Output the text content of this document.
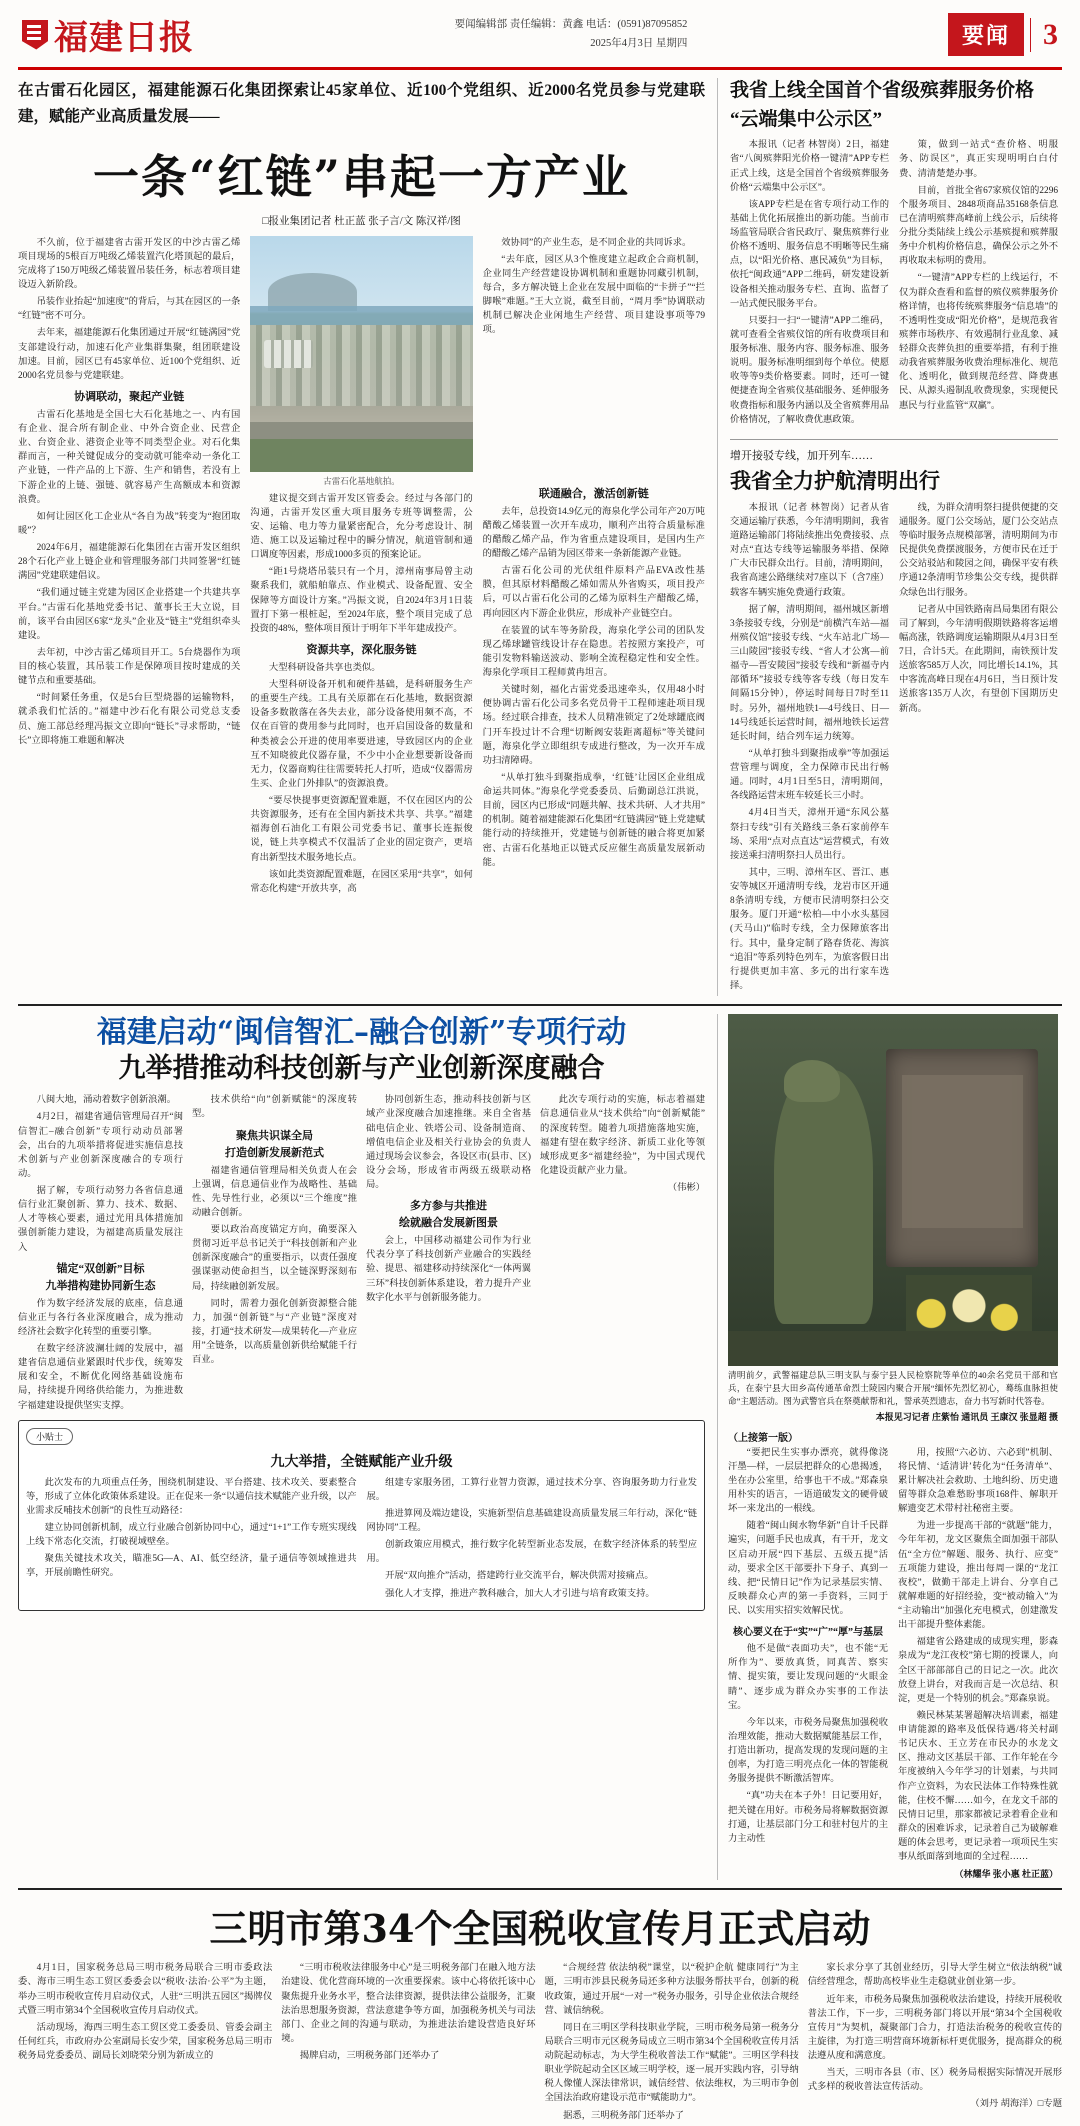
福建日报	要闻编辑部 责任编辑：黄鑫 电话：(0591)87095852
2025年4月3日 星期四	要闻	3
在古雷石化园区，福建能源石化集团探索让45家单位、近100个党组织、近2000名党员参与党建联建，赋能产业高质量发展——
一条“红链”串起一方产业
□报业集团记者 杜正蓝 张子言/文 陈汉祥/图

不久前，位于福建省古雷开发区的中沙古雷乙烯项目现场的5根百万吨级乙烯装置汽化塔顶起的最后，完成将了150万吨级乙烯装置吊装任务，标志着项目建设迈入新阶段。

吊装作业抬起“加速度”的背后，与其在园区的一条“红链”密不可分。

去年来，福建能源石化集团通过开展“红链满园”党支部建设行动，加速石化产业集群集聚，组团联建设加速。目前，园区已有45家单位、近100个党组织、近2000名党员参与党建联建。

协调联动，聚起产业链

古雷石化基地是全国七大石化基地之一、内有国有企业、混合所有制企业、中外合资企业、民营企业、台资企业、港资企业等不同类型企业。对石化集群而言，一种关键促成分的变动就可能牵动一条化工产业链，一件产品的上下游、生产和销售，若没有上下游企业的上链、强链、就容易产生高额成本和资源浪费。

如何让园区化工企业从“各自为战”转变为“抱团取暖”？

2024年6月，福建能源石化集团在古雷开发区组织28个石化产业上链企业和管理服务部门共同签署“红链满园”党建联建倡议。

“我们通过链主党建为园区企业搭建一个共建共享平台。”古雷石化基地党委书记、董事长王大立说，目前，该平台由园区6家“龙头”企业及“链主”党组织牵头建设。

去年初，中沙古雷乙烯项目开工。5台烧器作为项目的核心装置，其吊装工作是保障项目按时建成的关键节点和重要基础。

“时间紧任务重，仅是5台巨型烧器的运输物料，就杀我们忙活的。”福建中沙石化有限公司党总支委员、施工部总经理冯振文立即向“链长”寻求帮助，“链长”立即将施工难题和解决

古雷石化基地航拍。

建议提交到古雷开发区管委会。经过与各部门的沟通，古雷开发区重大项目服务专班等调整需，公安、运输、电力等力量紧密配合，允分考虑设计、制造、施工以及运输过程中的瞬分情况，航道管制和通口调度等因素，形成1000多页的预案论证。

“距1号烧塔吊装只有一个月，漳州南事局曾主动聚系我们，就船舶靠点、作业模式、设备配置、安全保障等方面设计方案。”冯振文说，自2024年3月1日装置打下第一根桩起，至2024年底，整个项目完成了总投资的48%，整体项目预计于明年下半年建成投产。

资源共享，深化服务链

大型科研设备共享也类似。

大型科研设备开机和硬件基础，是科研服务生产的重要生产线。工具有关原都在石化基地，数据资源设备多数散落在各失去业，部分设备使用频不高，不仅在百管的费用参与此同时，也开启国设备的数量和种类被会公开进的使用率要进速，导致园区内的企业互不知晓彼此仪器存量，不少中小企业想要新设备而无力，仪器商购往往需要转托人打听，造成“仪器需房生买、企业门外排队”的资源浪费。

“要尽快提事更资源配置难题，不仅在园区内的公共资源服务，还有在全国内新技术共享、共享。”福建福海创石油化工有限公司党委书记、董事长连振俊说，链上共享模式不仅温活了企业的固定资产，更培育出新型技术服务地长点。

该如此类资源配置难题，在园区采用“共享”，如何常态化构建“开放共享，高

效协同”的产业生态，是不同企业的共同诉求。

“去年底，园区从3个惟度建立起政企合商机制，企业同生产经营建设协调机制和重题协同藏引机制，每合，多方解决链上企业在发展中面临的“卡拼子”“拦脚喉”难题。”王大立说，截至目前，“周月季”协调联动机制已解决企业闲地生产经营、项目建设事项等79项。

联通融合，激活创新链

去年，总投资14.9亿元的海泉化学公司年产20万吨醋酸乙烯装置一次开车成功，顺利产出符合质量标准的醋酸乙烯产品，作为省重点建设项目，是国内生产的醋酸乙烯产品销为园区带来一条新能源产业链。

古雷石化公司的光伏组件原料产品EVA改性基膜，但其原材料醋酸乙烯如需从外省购买，项目投产后，可以占雷石化公司的乙烯为原料生产醋酸乙烯，再向园区内下游企业供应，形成补产业链空白。

在装置的试车等务阶段，海泉化学公司的团队发现乙烯球罐管线设计存在隐患。若按照方案投产，可能引发物料输送波动、影响全流程稳定性和安全性。海泉化学项目工程师黄冉坦言。

关键时刻，福化古雷党委迅速牵头，仅用48小时便协调古雷石化公司多名党员骨干工程师速赴项目现场。经过联合排查，技术人员精准锁定了2处球罐底阀门开车投过计不合理“切断阀安装距离超标”等关键问题，海泉化学立即组织专成进行整改，为一次开车成功扫清障碍。

“从单打独斗到聚指成拳，‘红链’让园区企业组成命运共同体。”海泉化学党委委员、后勤副总江洪说，目前，园区内已形成“同题共解、技术共研、人才共用”的机制。随着福建能源石化集团“红链满园”链上党建赋能行动的持续推开，党建链与创新链的融合将更加紧密、古雷石化基地正以链式反应催生高质量发展新动能。

我省上线全国首个省级殡葬服务价格
“云端集中公示区”

本报讯（记者 林智岗）2日，福建省“八闽殡葬阳光价格一键清”APP专栏正式上线，这是全国首个省级殡葬服务价格“云端集中公示区”。

该APP专栏是在省专项行动工作的基础上优化拓展推出的新功能。当前市场监管局联合省民政厅、聚焦殡葬行业价格不透明、服务信息不明晰等民生痛点，以“阳光价格、惠民减负”为目标，依托“闽政通”APP二维码，研发建设新设备相关推动服务专栏、直询、监督了一站式便民服务平台。

只要扫一扫“一键清”APP二维码，就可查看全省殡仪馆的所有收费项目和服务标准、服务内容、服务标准、服务说明。服务标准明细到每个单位。使愿收等等9类价格要素。同时，还可一键便捷查询全省殡仪基础服务、延伸服务收费指标和服务内涵以及全省殡葬用品价格情况，了解收费优惠政策。

策，做到一站式“查价格、明服务、防误区”，真正实现明明白白付费、清清楚楚办事。

目前，首批全省67家殡仪馆的2296个服务项目、2848项商品35168条信息已在清明殡葬高峰前上线公示，后续将分批分类陆续上线公示基殡提和殡葬服务中介机构价格信息，确保公示之外不再收取未标明的费用。

“一键清”APP专栏的上线运行，不仅为群众查看和监督的殡仪殡葬服务价格详情，也将传统殡葬服务“信息墙”的不透明性变成“阳光价格”，是规范我省殡葬市场秩序、有效遏制行业乱象、减轻群众丧葬负担的重要举措，有利于推动我省殡葬服务收费治理标准化、规范化、透明化，做到规范经营、降费惠民、从源头遏制乱收费现象，实现便民惠民与行业监管“双赢”。

增开接驳专线，加开列车……
我省全力护航清明出行

本报讯（记者 林智岗）记者从省交通运输厅获悉，今年清明期间，我省道路运输部门将陆续推出免费接驳、点对点“直达专线等运输服务举措、保障广大市民群众出行。目前，清明期间，我省高速公路继续对7座以下（含7座）载客车辆实施免费通行政策。

据了解，清明期间，福州城区新增3条接驳专线，分别是“前横汽车站—福州殡仪馆”接驳专线、“火车站北广场—三山陵园”接驳专线、“省人才公寓—前福寺—晋安陵园”接驳专线和“新福寺内部循环”接驳专线等客专线（每日发车间隔15分钟），停运时间每日7时至11时。另外，福州地铁1—4号线日、日—14号线延长运营时间，福州地铁长运营延长时间，结合列车运力统筹。

“从单打独斗到聚指成拳”等加强运营管理与调度，全力保障市民出行畅通。同时，4月1日至5日，清明期间，各线路运营末班车较延长三小时。

4月4日当天，漳州开通“东风公墓祭扫专线”引有关路线三条石家前停车场、采用“点对点直达”运营模式，有效接送乘扫清明祭扫人员出行。

其中，三明、漳州车区、晋江、惠安等城区开通清明专线，龙岩市区开通8条清明专线，方便市民清明祭扫公交服务。厦门开通“松柏—中小水头墓园(天马山)”临时专线，全力保障旅客出行。其中，量身定制了路春货花、海滨“追泪”等系列特色列车，为旅客假日出行提供更加丰富、多元的出行家车选择。

线，为群众清明祭扫提供便捷的交通服务。厦门公交场站，厦门公交站点等临时服务点规模部署，清明期间为市民提供免费摆渡服务，方便市民在迁于公交站驳站和陵园之间，确保平安有秩序通12条清明节珍集公交专线，提供群众绿色出行服务。

记者从中国铁路南昌局集团有限公司了解到，今年清明假期铁路将客运增幅高涨，铁路调度运输期限从4月3日至7日，合计5天。在此期间，南铁预计发送旅客585万人次，同比增长14.1%，其中客流高峰日现在4月6日，当日预计发送旅客135万人次，有望创下国期历史新高。

福建启动“闽信智汇–融合创新”专项行动
九举措推动科技创新与产业创新深度融合

八闽大地，涌动着数字创新浪潮。

4月2日，福建省通信管理局召开“闽信智汇–融合创新”专项行动动员部署会，出台的九项举措将促进实施信息技术创新与产业创新深度融合的专项行动。

据了解，专项行动努力各省信息通信行业汇聚创新、算力、技术、数据、人才等核心要素，通过光用具体措施加强创新能力建设，为福建高质量发展注入

锚定“双创新”目标
九举措构建协同新生态

作为数字经济发展的底座，信息通信业正与各行各业深度融合，成为推动经济社会数字化转型的重要引擎。

在数字经济波澜壮阔的发展中，福建省信息通信业紧跟时代步伐，统筹发展和安全，不断优化网络基础设施布局，持续提升网络供给能力，为推进数字福建建设提供坚实支撑。

技术供给“向”创新赋能“的深度转型。

聚焦共识谋全局
打造创新发展新范式

福建省通信管理局相关负责人在会上强调，信息通信业作为战略性、基础性、先导性行业，必须以“三个维度”推动融合创新。

要以政治高度锚定方向，确要深入贯彻习近平总书记关于“科技创新和产业创新深度融合”的重要指示，以责任强度强谋驱动使命担当，以全链深野深刻布局，持续融创新发展。

同时，需着力强化创新资源整合能力，加强“创新链”与“产业链”深度对接，打通“技术研发—成果转化—产业应用”全链条，以高质量创新供给赋能千行百业。

协同创新生态，推动科技创新与区域产业深度融合加速推继。来自全省基础电信企业、铁塔公司、设备制造商、增值电信企业及相关行业协会的负责人通过现场会议参会，各设区市(县市、区)设分会场，形成省市两级五级联动格局。

多方参与共推进
绘就融合发展新图景

会上，中国移动福建公司作为行业代表分享了科技创新产业融合的实践经验、提思、福建移动持续深化“一体两翼三环”科技创新体系建设，着力提升产业数字化水平与创新服务能力。

此次专项行动的实施，标志着福建信息通信业从“技术供给”向“创新赋能”的深度转型。随着九项措施落地实施，福建有望在数字经济、新质工业化等领域形成更多“福建经验”，为中国式现代化建设贡献产业力量。

（伟彬）

小贴士
九大举措，全链赋能产业升级

此次发布的九项重点任务，围绕机制建设、平台搭建、技术攻关、要素整合等，形成了立体化政策体系建设。正在促来一条“以通信技术赋能产业升级，以产业需求反哺技术创新”的良性互动路径：

建立协同创新机制，成立行业融合创新协同中心，通过“1+1”工作专班实现线上线下常态化交流，打破视域壁垒。

聚焦关键技术攻关，瞄准5G—A、AI、低空经济，量子通信等领域推进共享，开展前瞻性研究。

组建专家服务团，工算行业智力资源，通过技术分享、咨询服务助力行业发展。

推进算网及端边建设，实施新型信息基础建设高质量发展三年行动，深化“链网协同”工程。

创新政策应用模式，推行数字化转型新业态发展，在数字经济体系的转型应用。

开展“双向推介”活动，搭建跨行业交流平台，解决供需对接痛点。

强化人才支撑，推进产教科融合，加大人才引进与培育政策支持。

清明前夕，武警福建总队三明支队与泰宁县人民检察院等单位的40余名党员干部和官兵，在泰宁县大田乡高传通革命烈士陵园内聚合开展“缅怀先烈忆初心，蓦练血脉担使命”主题活动。图为武警官兵在祭奠献帮和礼，誓承英烈遗志，奋力书写新时代答卷。
本报见习记者 庄紫怡 通讯员 王康汉 张显超 摄
（上接第一版）

“要把民生实事办漂亮，就得像浇汗墨—样，一层层把群众的心患揭透，坐在办公室里，给事也干不成。”郑森泉用朴实的语言，一语道破发文的硬骨破坏一来龙出的一根线。

随着“闽山闽水物华新”自计千民群遍实，问题手民也成真，有干开，龙文区启动开展“四下基层、五级五提”活动，要求全区干部要扑下身子、真到一线、把“民情日记”作为记录基层实情、反映群众心声的第一手资料，三同于民、以实用实招实效解民忧。

核心要义在于“实”“广”“厚”与基层

他不是做“表面功夫”，也不能“无所作为”、要放真货，同真苦、察实情、提实策，要让发现问题的“火眼金睛”、逐步成为群众办实事的工作法宝。

今年以来，市税务局聚焦加强税收治理效能，推动大数据赋能基层工作，打造出新功，提高发现的发现问题的主创率，为打造三明亮点化一体的智能税务服务提供不断激活智库。

“真”功夫在本子外！日记要用好，把关键在用好。市税务局将解数据资源打通，让基层部门分工和驻村包片的主力主动性

用，按照“六必访、六必到”机制、将民情、‘适清讲’转化为“任务清单”、累计解决社会救助、土地纠纷、历史遗留等群众急难愁盼事项168件、解职开解遗变艺术带村社秘密主要。

为进一步提高干部的“就题”能力，今年年初，龙文区聚焦全面加强干部队伍“全方位”解题、服务、执行、应变”五项能力建设，推出每周一课的“龙江夜校”，做勤干部走上讲台、分享自己就解难题的好招经验，变“被动输入”为“主动输出”加强化充电模式，创建激发出干部提升整体素能。

福建省公路建成的成现实理，影森泉成为“龙江夜校”第七期的授课人，向全区干部部部自己的日记之一次。此次放登上讲台，对我而言是一次总结、积淀，更是一个特别的机会。”郑森泉说。

赖民林某某署超解决培训素，福建申请能源的路率及低保待遇/将关村副书记庆水、王立芳在市民办的水龙文区、推动文区基层干部、工作年轮在今年度被纳入今年学习的计划素，与共同作产立资料，为农民法体工作特殊性就能，住校不懈……如今，在龙文千部的民情日记里，那家都被记录着看企业和群众的困难诉求，记录着自己为破解难题的体会思考，更记录着一项项民生实事从纸面落到地面的全过程……

（林耀华 张小惠 杜正蓝）
三明市第34个全国税收宣传月正式启动

4月1日，国家税务总局三明市税务局联合三明市委政法委、海市三明生态工贸区委委会以“税收·法治·公平”为主题，举办三明市税收宣传月启动仪式，人驻“三明洪五园区”揭牌仪式暨三明市第34个全国税收宣传月启动仪式。

活动现场，海西三明生态工贸区党工委委员、管委会副主任何红兵，市政府办公室副局长安少荣，国家税务总局三明市税务局党委委员、副局长刘晓荣分别为新成立的

“三明市税收法律服务中心”是三明税务部门在融入地方法治建设、优化营商环境的一次重要探索。该中心将依托该中心聚焦提升业务水平，整合法律资源，提供法律公益服务，汇聚法治思想服务资源，营法意建争等方面，加强税务机关与司法部门、企业之间的沟通与联动，为推进法治建设营造良好环境。

揭牌启动，三明税务部门还举办了

“合规经营 依法纳税”课堂，以“税护企航 健康同行”为主题，三明市涉县民税务局还多种方法服务帮扶平台，创新的税收政策，通过开展“一对一”税务办服务，引导企业依法合规经营、诚信纳税。

同日在三明区学科技职业学院，三明市税务局第一税务分局联合三明市元区税务局成立三明市第34个全国税收宣传月活动院起动标志，为大学生税收普法工作“赋能”。三明区学科技职业学院起动全区区域三明学校，逐一展开实践内容，引导纳税人像懂人深法律常识，诚信经营、依法维权，为三明市争创全国法治政府建设示范市“赋能助力”。

据悉，三明税务部门还举办了

家长求分享了其创业经历，引导大学生树立“依法纳税”诚信经营理念，帮助高校毕业生走稳就业创业第一步。

近年来，市税务局聚焦加强税收法治建设，持续开展税收普法工作，下一步，三明税务部门将以开展“第34个全国税收宣传月”为契机，凝聚部门合力，打造法治税务的税收宣传的主旋律，为打造三明营商环境新标杆更优服务，提高群众的税法遵从度和满意度。

当天，三明市各县（市、区）税务局根据实际情况开展形式多样的税收普法宣传活动。

（刘丹 胡海洋）□专题
